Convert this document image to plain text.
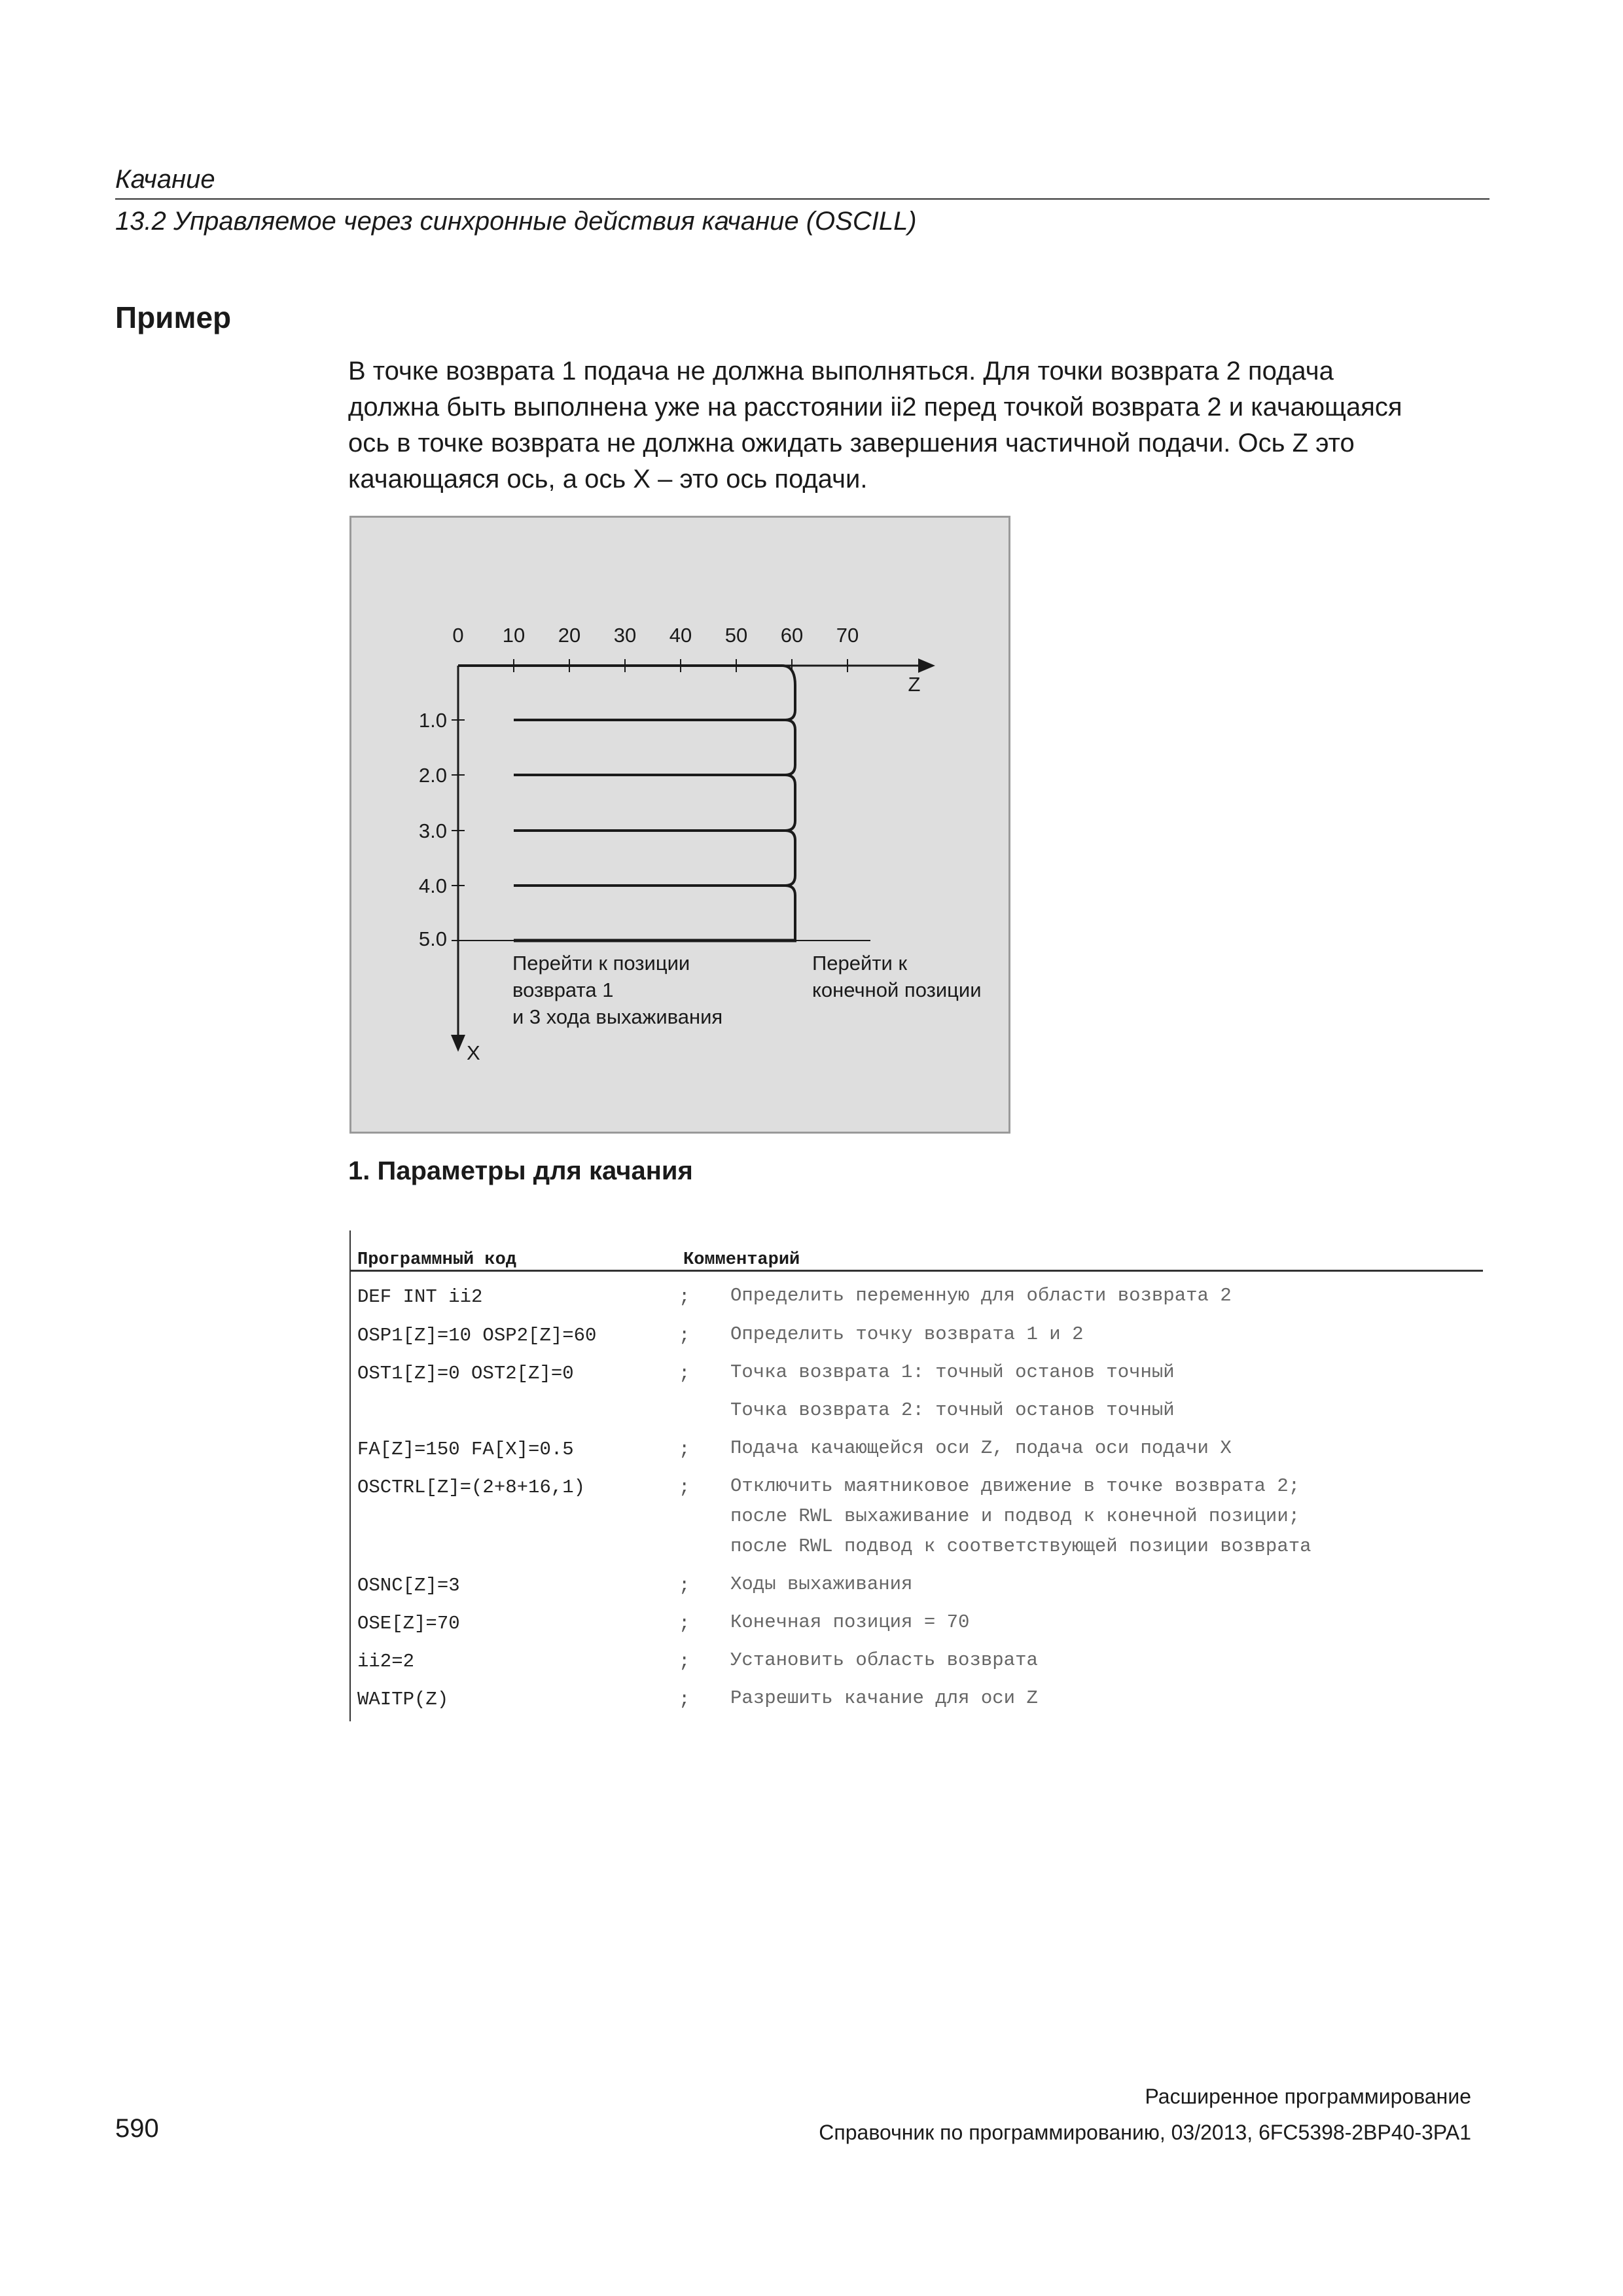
Качание
13.2 Управляемое через синхронные действия качание (OSCILL)
Пример

В точке возврата 1 подача не должна выполняться. Для точки возврата 2 подача

должна быть выполнена уже на расстоянии ii2 перед точкой возврата 2 и качающаяся

ось в точке возврата не должна ожидать завершения частичной подачи. Ось Z это

качающаяся ось, а ось X – это ось подачи.

0 10 20 30 40 50 60 70
Z
1.0
2.0
3.0
4.0
5.0
X
Перейти к позиции
возврата 1
и 3 хода выхаживания
Перейти к
конечной позиции
1. Параметры для качания
Программный код	Комментарий
DEF INT ii2	; Определить переменную для области возврата 2
OSP1[Z]=10 OSP2[Z]=60	; Определить точку возврата 1 и 2
OST1[Z]=0 OST2[Z]=0	; Точка возврата 1: точный останов точный
Точка возврата 2: точный останов точный
FA[Z]=150 FA[X]=0.5	; Подача качающейся оси Z, подача оси подачи X
OSCTRL[Z]=(2+8+16,1)	; Отключить маятниковое движение в точке возврата 2;
после RWL выхаживание и подвод к конечной позиции;
после RWL подвод к соответствующей позиции возврата
OSNC[Z]=3	; Ходы выхаживания
OSE[Z]=70	; Конечная позиция = 70
ii2=2	; Установить область возврата
WAITP(Z)	; Разрешить качание для оси Z
Расширенное программирование
590	Справочник по программированию, 03/2013, 6FC5398-2BP40-3PA1
